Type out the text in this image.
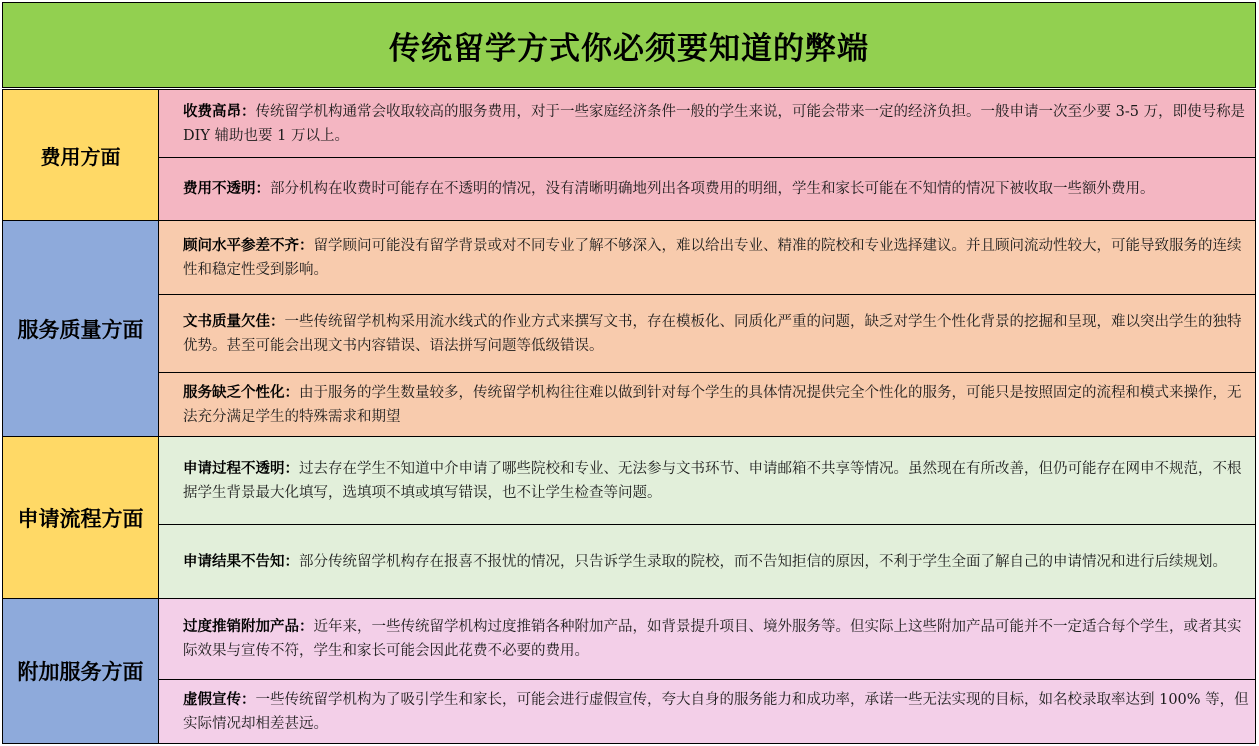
传统留学方式你必须要知道的弊端
费用方面

收费高昂：传统留学机构通常会收取较高的服务费用，对于一些家庭经济条件一般的学生来说，可能会带来一定的经济负担。一般申请一次至少要 3-5 万，即使号称是 DIY 辅助也要 1 万以上。

费用不透明：部分机构在收费时可能存在不透明的情况，没有清晰明确地列出各项费用的明细，学生和家长可能在不知情的情况下被收取一些额外费用。

服务质量方面

顾问水平参差不齐：留学顾问可能没有留学背景或对不同专业了解不够深入，难以给出专业、精准的院校和专业选择建议。并且顾问流动性较大，可能导致服务的连续性和稳定性受到影响。

文书质量欠佳：一些传统留学机构采用流水线式的作业方式来撰写文书，存在模板化、同质化严重的问题，缺乏对学生个性化背景的挖掘和呈现，难以突出学生的独特优势。甚至可能会出现文书内容错误、语法拼写问题等低级错误。

服务缺乏个性化：由于服务的学生数量较多，传统留学机构往往难以做到针对每个学生的具体情况提供完全个性化的服务，可能只是按照固定的流程和模式来操作，无法充分满足学生的特殊需求和期望

申请流程方面

申请过程不透明：过去存在学生不知道中介申请了哪些院校和专业、无法参与文书环节、申请邮箱不共享等情况。虽然现在有所改善，但仍可能存在网申不规范，不根据学生背景最大化填写，选填项不填或填写错误，也不让学生检查等问题。

申请结果不告知：部分传统留学机构存在报喜不报忧的情况，只告诉学生录取的院校，而不告知拒信的原因，不利于学生全面了解自己的申请情况和进行后续规划。

附加服务方面

过度推销附加产品：近年来，一些传统留学机构过度推销各种附加产品，如背景提升项目、境外服务等。但实际上这些附加产品可能并不一定适合每个学生，或者其实际效果与宣传不符，学生和家长可能会因此花费不必要的费用。

虚假宣传：一些传统留学机构为了吸引学生和家长，可能会进行虚假宣传，夸大自身的服务能力和成功率，承诺一些无法实现的目标，如名校录取率达到 100% 等，但实际情况却相差甚远。
